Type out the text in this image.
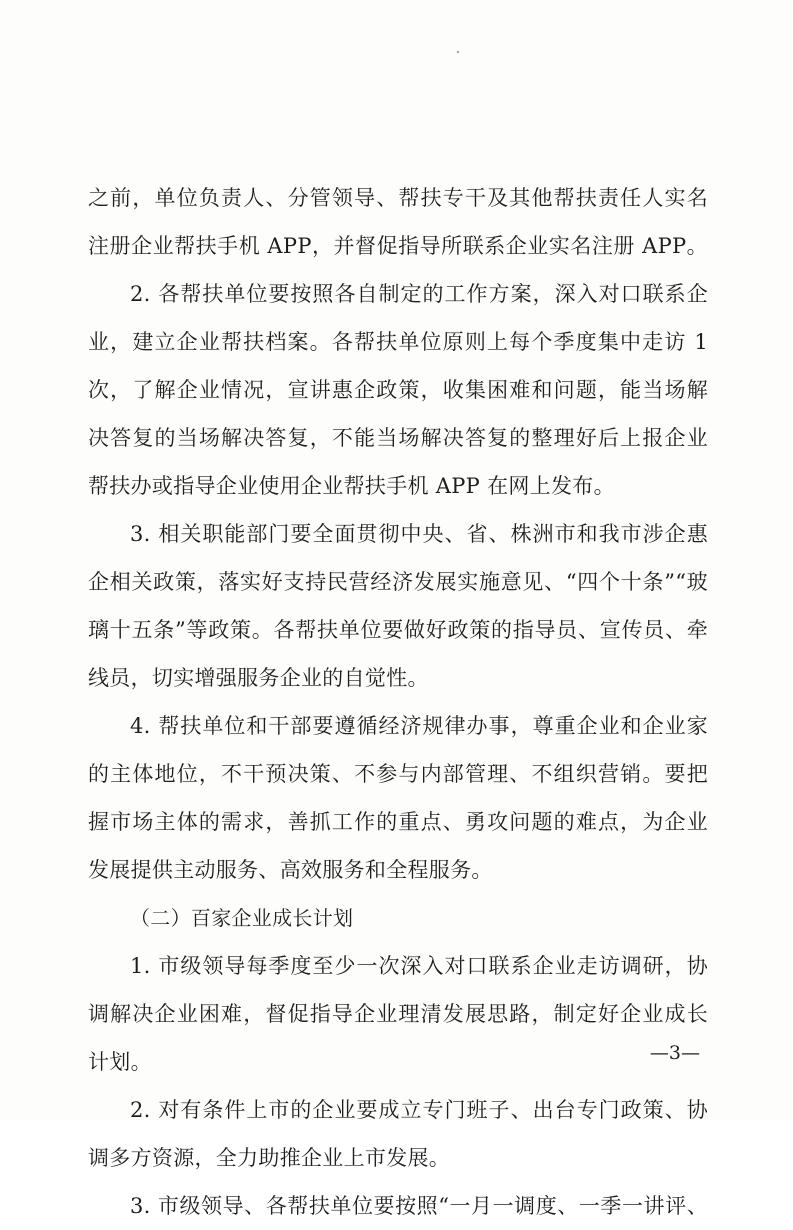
之前，单位负责人、分管领导、帮扶专干及其他帮扶责任人实名
注册企业帮扶手机 APP，并督促指导所联系企业实名注册 APP。
2. 各帮扶单位要按照各自制定的工作方案，深入对口联系企
业，建立企业帮扶档案。各帮扶单位原则上每个季度集中走访 1
次，了解企业情况，宣讲惠企政策，收集困难和问题，能当场解
决答复的当场解决答复，不能当场解决答复的整理好后上报企业
帮扶办或指导企业使用企业帮扶手机 APP 在网上发布。
3. 相关职能部门要全面贯彻中央、省、株洲市和我市涉企惠
企相关政策，落实好支持民营经济发展实施意见、“四个十条”“玻
璃十五条”等政策。各帮扶单位要做好政策的指导员、宣传员、牵
线员，切实增强服务企业的自觉性。
4. 帮扶单位和干部要遵循经济规律办事，尊重企业和企业家
的主体地位，不干预决策、不参与内部管理、不组织营销。要把
握市场主体的需求，善抓工作的重点、勇攻问题的难点，为企业
发展提供主动服务、高效服务和全程服务。
（二）百家企业成长计划
1. 市级领导每季度至少一次深入对口联系企业走访调研，协
调解决企业困难，督促指导企业理清发展思路，制定好企业成长
计划。
2. 对有条件上市的企业要成立专门班子、出台专门政策、协
调多方资源，全力助推企业上市发展。
3. 市级领导、各帮扶单位要按照“一月一调度、一季一讲评、
—3—
